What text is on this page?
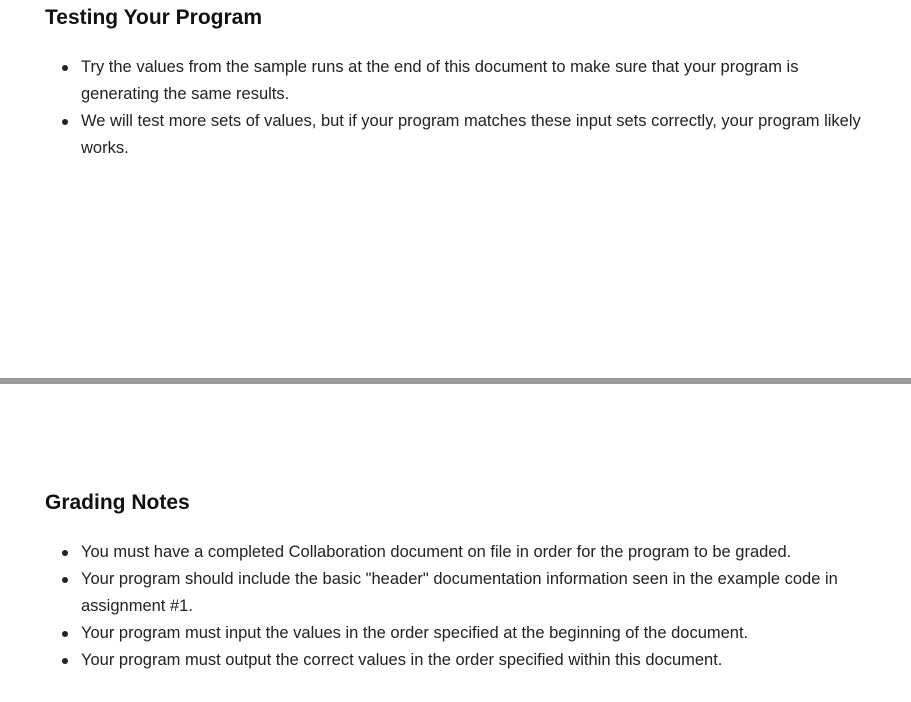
Testing Your Program
Try the values from the sample runs at the end of this document to make sure that your program is generating the same results.
We will test more sets of values, but if your program matches these input sets correctly, your program likely works.
Grading Notes
You must have a completed Collaboration document on file in order for the program to be graded.
Your program should include the basic "header" documentation information seen in the example code in assignment #1.
Your program must input the values in the order specified at the beginning of the document.
Your program must output the correct values in the order specified within this document.
